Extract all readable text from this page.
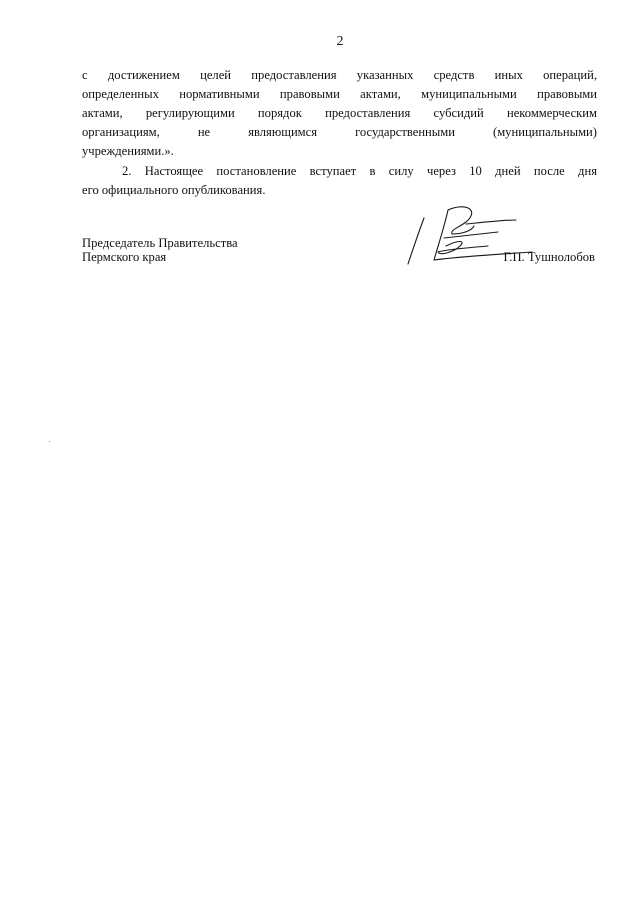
2
с достижением целей предоставления указанных средств иных операций,
определенных нормативными правовыми актами, муниципальными правовыми
актами, регулирующими порядок предоставления субсидий некоммерческим
организациям, не являющимся государственными (муниципальными)
учреждениями.».
2. Настоящее постановление вступает в силу через 10 дней после дня
его официального опубликования.
Председатель Правительства
Пермского края	Г.П. Тушнолобов
